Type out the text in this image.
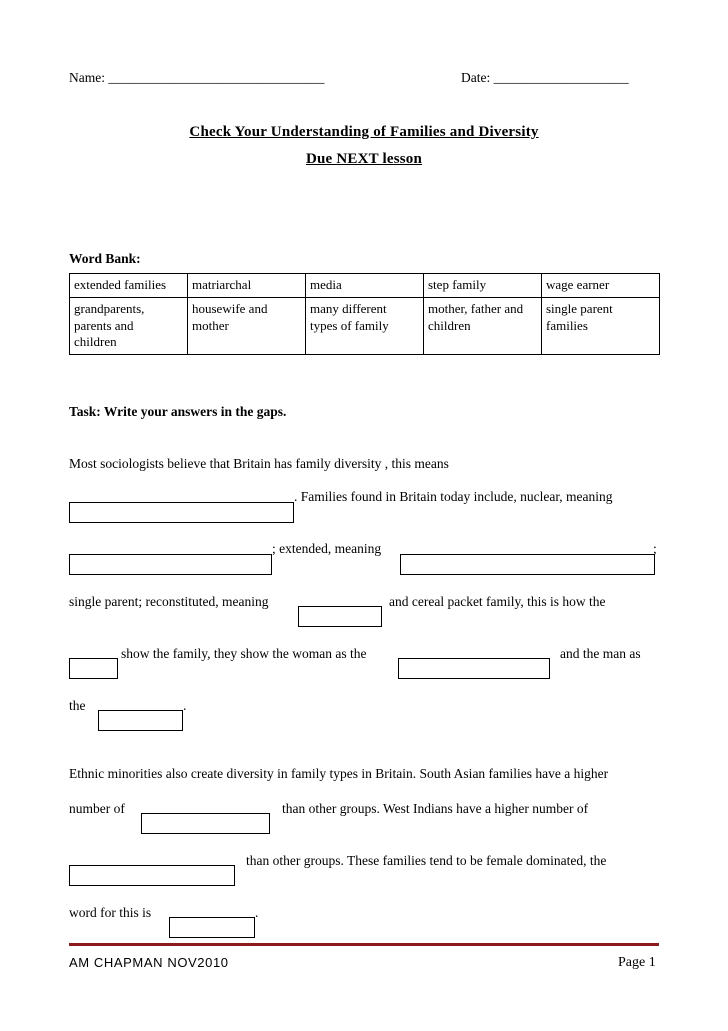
Name: ________________________________	Date: ____________________
Check Your Understanding of Families and Diversity
Due NEXT lesson
Word Bank:
extended families	matriarchal	media	step family	wage earner
grandparents,
parents and
children	housewife and
mother	many different
types of family	mother, father and
children	single parent
families
Task: Write your answers in the gaps.
Most sociologists believe that Britain has family diversity , this means
. Families found in Britain today include, nuclear, meaning
; extended, meaning	;
single parent; reconstituted, meaning	and cereal packet family, this is how the
show the family, they show the woman as the	and the man as
the	.
Ethnic minorities also create diversity in family types in Britain. South Asian families have a higher
number of	than other groups. West Indians have a higher number of
than other groups. These families tend to be female dominated, the
word for this is	.
AM CHAPMAN NOV2010	Page 1
